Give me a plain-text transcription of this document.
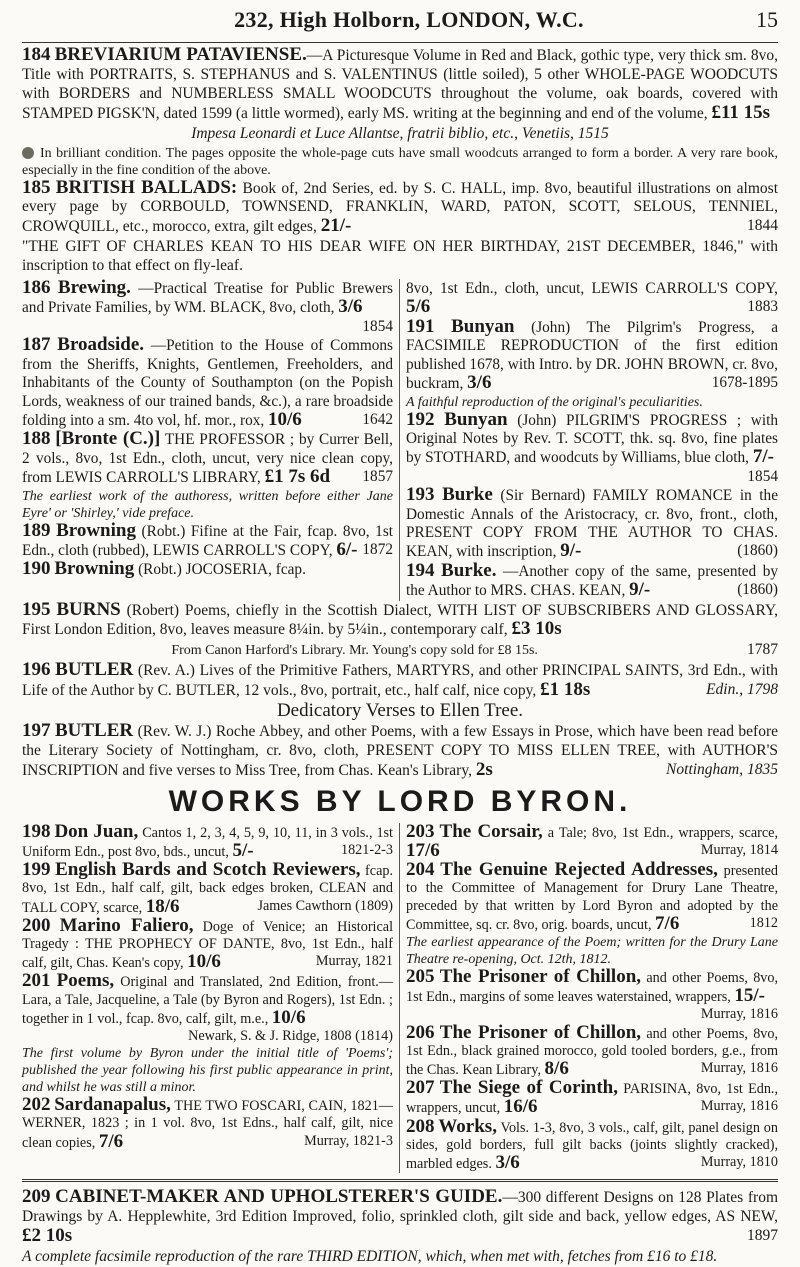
232, High Holborn, LONDON, W.C.	15

184 BREVIARIUM PATAVIENSE.—A Picturesque Volume in Red and Black, gothic type, very thick sm. 8vo, Title with PORTRAITS, S. STEPHANUS and S. VALENTINUS (little soiled), 5 other WHOLE-PAGE WOODCUTS with BORDERS and NUMBERLESS SMALL WOODCUTS throughout the volume, oak boards, covered with STAMPED PIGSK'N, dated 1599 (a little wormed), early MS. writing at the beginning and end of the volume, £11 15s

Impesa Leonardi et Luce Allantse, fratrii biblio, etc., Venetiis, 1515

In brilliant condition. The pages opposite the whole-page cuts have small woodcuts arranged to form a border. A very rare book, especially in the fine condition of the above.

185 BRITISH BALLADS: Book of, 2nd Series, ed. by S. C. HALL, imp. 8vo, beautiful illustrations on almost every page by CORBOULD, TOWNSEND, FRANKLIN, WARD, PATON, SCOTT, SELOUS, TENNIEL, CROWQUILL, etc., morocco, extra, gilt edges, 21/-	1844

"THE GIFT OF CHARLES KEAN TO HIS DEAR WIFE ON HER BIRTHDAY, 21ST DECEMBER, 1846," with inscription to that effect on fly-leaf.

186 Brewing. —Practical Treatise for Public Brewers and Private Families, by WM. BLACK, 8vo, cloth, 3/6
1854

187 Broadside. —Petition to the House of Commons from the Sheriffs, Knights, Gentlemen, Freeholders, and Inhabitants of the County of Southampton (on the Popish Lords, weakness of our trained bands, &c.), a rare broadside folding into a sm. 4to vol, hf. mor., rox, 10/6	1642

188 [Bronte (C.)] THE PROFESSOR ; by Currer Bell, 2 vols., 8vo, 1st Edn., cloth, uncut, very nice clean copy, from LEWIS CARROLL'S LIBRARY, £1 7s 6d 1857

The earliest work of the authoress, written before either Jane Eyre' or 'Shirley,' vide preface.

189 Browning (Robt.) Fifine at the Fair, fcap. 8vo, 1st Edn., cloth (rubbed), LEWIS CARROLL'S COPY, 6/- 1872

190 Browning (Robt.) JOCOSERIA, fcap.

8vo, 1st Edn., cloth, uncut, LEWIS CARROLL'S COPY, 5/6	1883

191 Bunyan (John) The Pilgrim's Progress, a FACSIMILE REPRODUCTION of the first edition published 1678, with Intro. by DR. JOHN BROWN, cr. 8vo, buckram, 3/6	1678-1895

A faithful reproduction of the original's peculiarities.

192 Bunyan (John) PILGRIM'S PROGRESS ; with Original Notes by Rev. T. SCOTT, thk. sq. 8vo, fine plates by STOTHARD, and woodcuts by Williams, blue cloth, 7/-
1854

193 Burke (Sir Bernard) FAMILY ROMANCE in the Domestic Annals of the Aristocracy, cr. 8vo, front., cloth, PRESENT COPY FROM THE AUTHOR TO CHAS. KEAN, with inscription, 9/-	(1860)

194 Burke. —Another copy of the same, presented by the Author to MRS. CHAS. KEAN, 9/-	(1860)

195 BURNS (Robert) Poems, chiefly in the Scottish Dialect, WITH LIST OF SUBSCRIBERS AND GLOSSARY, First London Edition, 8vo, leaves measure 8¼in. by 5¼in., contemporary calf, £3 10s

From Canon Harford's Library. Mr. Young's copy sold for £8 15s.	1787

196 BUTLER (Rev. A.) Lives of the Primitive Fathers, MARTYRS, and other PRINCIPAL SAINTS, 3rd Edn., with Life of the Author by C. BUTLER, 12 vols., 8vo, portrait, etc., half calf, nice copy, £1 18s	Edin., 1798

Dedicatory Verses to Ellen Tree.

197 BUTLER (Rev. W. J.) Roche Abbey, and other Poems, with a few Essays in Prose, which have been read before the Literary Society of Nottingham, cr. 8vo, cloth, PRESENT COPY TO MISS ELLEN TREE, with AUTHOR'S INSCRIPTION and five verses to Miss Tree, from Chas. Kean's Library, 2s	Nottingham, 1835

WORKS BY LORD BYRON.

198 Don Juan, Cantos 1, 2, 3, 4, 5, 9, 10, 11, in 3 vols., 1st Uniform Edn., post 8vo, bds., uncut, 5/-	1821-2-3

199 English Bards and Scotch Reviewers, fcap. 8vo, 1st Edn., half calf, gilt, back edges broken, CLEAN and TALL COPY, scarce, 18/6	James Cawthorn (1809)

200 Marino Faliero, Doge of Venice; an Historical Tragedy : THE PROPHECY OF DANTE, 8vo, 1st Edn., half calf, gilt, Chas. Kean's copy, 10/6	Murray, 1821

201 Poems, Original and Translated, 2nd Edition, front.—Lara, a Tale, Jacqueline, a Tale (by Byron and Rogers), 1st Edn. ; together in 1 vol., fcap. 8vo, calf, gilt, m.e., 10/6
Newark, S. & J. Ridge, 1808 (1814)

The first volume by Byron under the initial title of 'Poems'; published the year following his first public appearance in print, and whilst he was still a minor.

202 Sardanapalus, THE TWO FOSCARI, CAIN, 1821— WERNER, 1823 ; in 1 vol. 8vo, 1st Edns., half calf, gilt, nice clean copies, 7/6	Murray, 1821-3

203 The Corsair, a Tale; 8vo, 1st Edn., wrappers, scarce, 17/6	Murray, 1814

204 The Genuine Rejected Addresses, presented to the Committee of Management for Drury Lane Theatre, preceded by that written by Lord Byron and adopted by the Committee, sq. cr. 8vo, orig. boards, uncut, 7/6	1812

The earliest appearance of the Poem; written for the Drury Lane Theatre re-opening, Oct. 12th, 1812.

205 The Prisoner of Chillon, and other Poems, 8vo, 1st Edn., margins of some leaves waterstained, wrappers, 15/-
Murray, 1816

206 The Prisoner of Chillon, and other Poems, 8vo, 1st Edn., black grained morocco, gold tooled borders, g.e., from the Chas. Kean Library, 8/6	Murray, 1816

207 The Siege of Corinth, PARISINA, 8vo, 1st Edn., wrappers, uncut, 16/6	Murray, 1816

208 Works, Vols. 1-3, 8vo, 3 vols., calf, gilt, panel design on sides, gold borders, full gilt backs (joints slightly cracked), marbled edges. 3/6	Murray, 1810

209 CABINET-MAKER AND UPHOLSTERER'S GUIDE.—300 different Designs on 128 Plates from Drawings by A. Hepplewhite, 3rd Edition Improved, folio, sprinkled cloth, gilt side and back, yellow edges, AS NEW, £2 10s	1897

A complete facsimile reproduction of the rare THIRD EDITION, which, when met with, fetches from £16 to £18.
